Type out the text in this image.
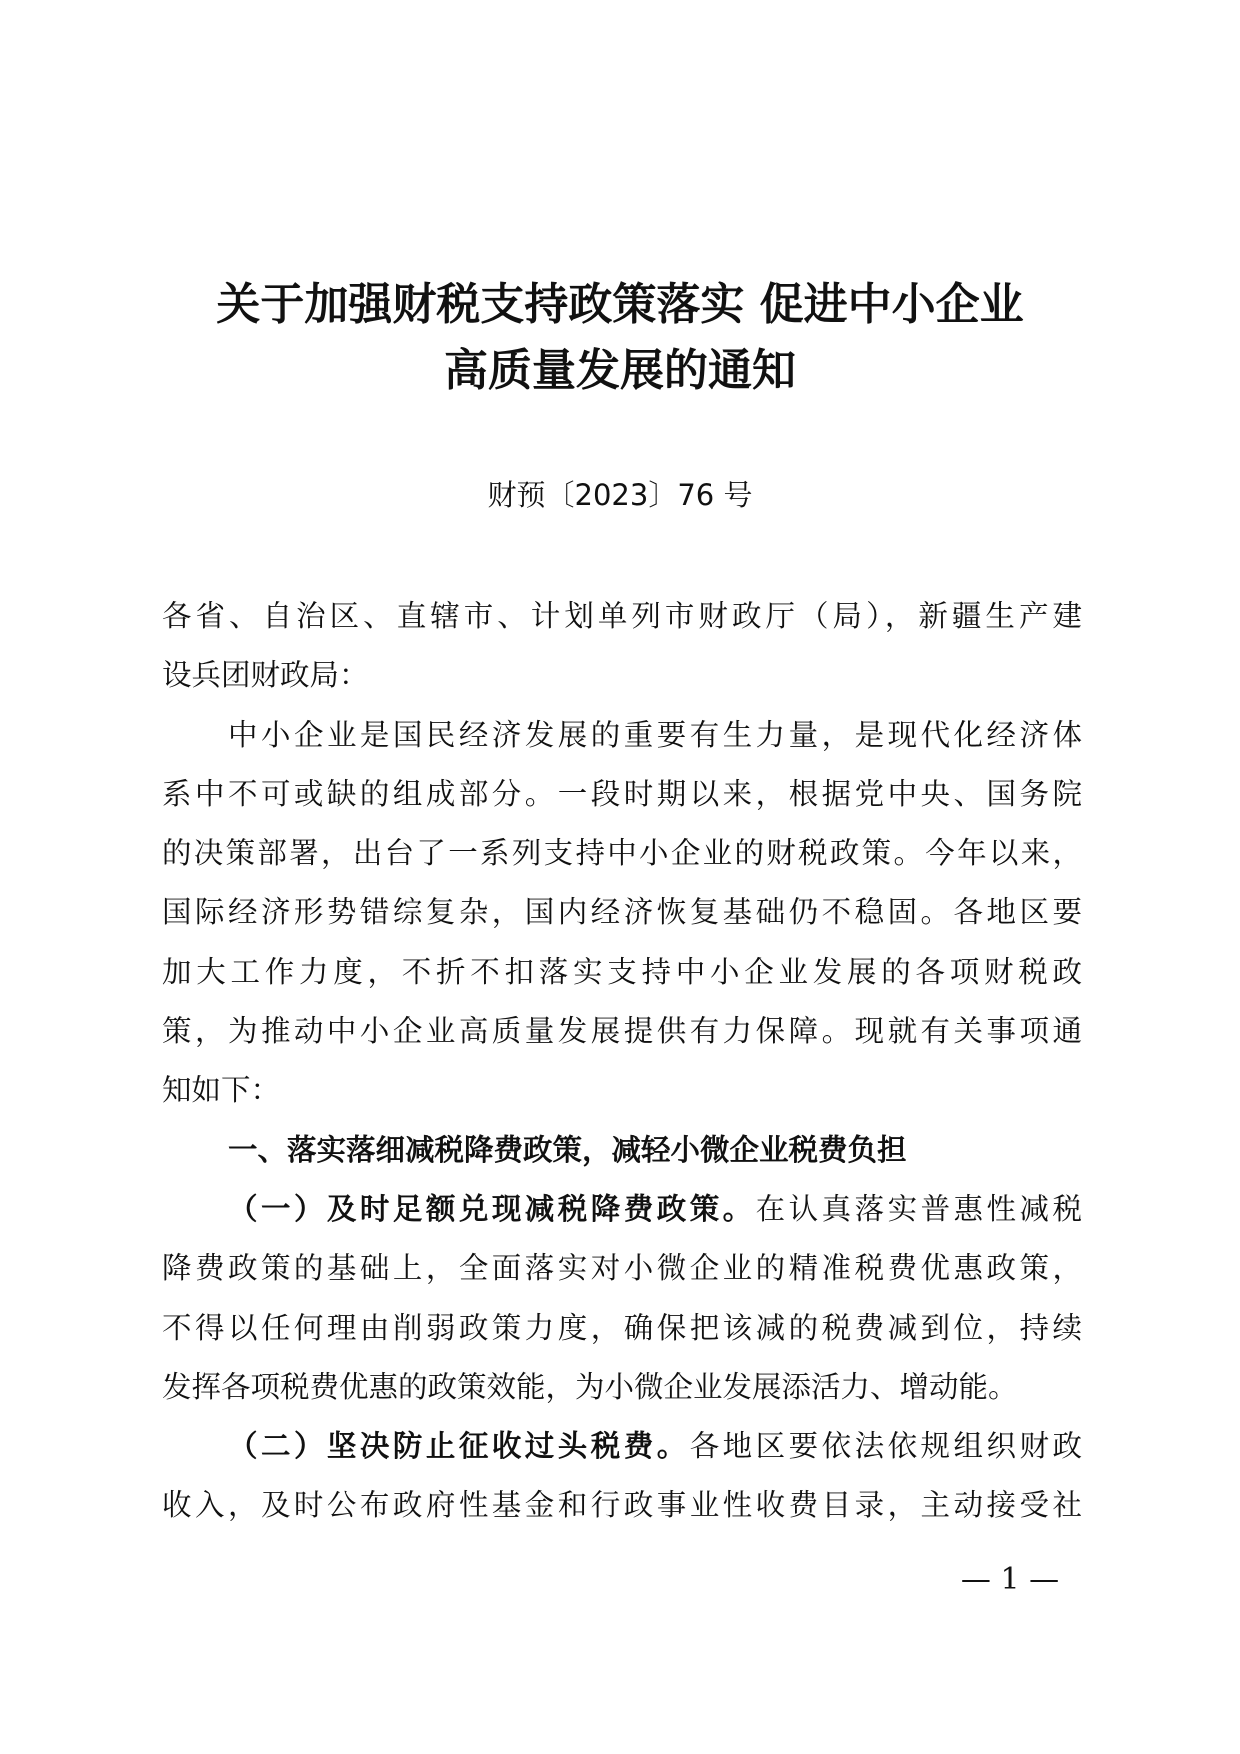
关于加强财税支持政策落实 促进中小企业
高质量发展的通知
财预〔2023〕76 号
各省、自治区、直辖市、计划单列市财政厅（局），新疆生产建
设兵团财政局：
中小企业是国民经济发展的重要有生力量，是现代化经济体
系中不可或缺的组成部分。一段时期以来，根据党中央、国务院
的决策部署，出台了一系列支持中小企业的财税政策。今年以来，
国际经济形势错综复杂，国内经济恢复基础仍不稳固。各地区要
加大工作力度，不折不扣落实支持中小企业发展的各项财税政
策，为推动中小企业高质量发展提供有力保障。现就有关事项通
知如下：
一、落实落细减税降费政策，减轻小微企业税费负担
（一）及时足额兑现减税降费政策。在认真落实普惠性减税
降费政策的基础上，全面落实对小微企业的精准税费优惠政策，
不得以任何理由削弱政策力度，确保把该减的税费减到位，持续
发挥各项税费优惠的政策效能，为小微企业发展添活力、增动能。
（二）坚决防止征收过头税费。各地区要依法依规组织财政
收入，及时公布政府性基金和行政事业性收费目录，主动接受社
— 1 —
